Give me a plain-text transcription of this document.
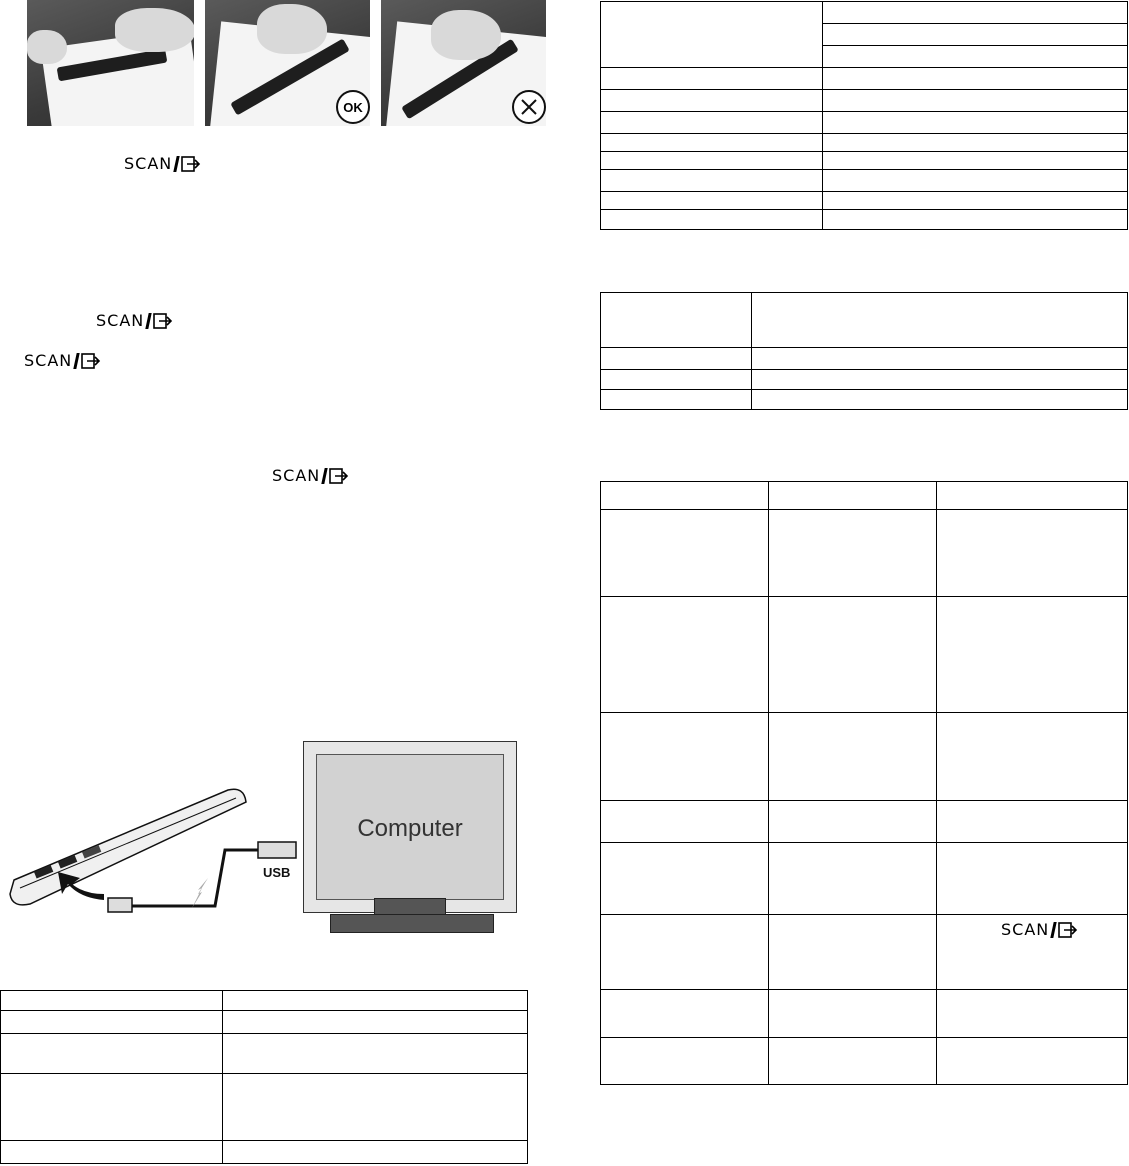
OK
SCAN
SCAN
SCAN
SCAN
USB
Computer

SCAN
